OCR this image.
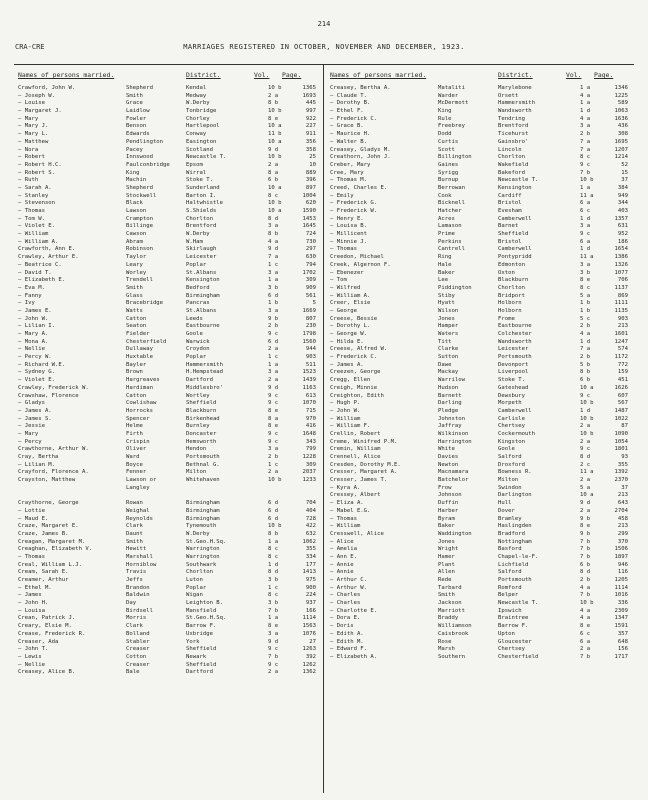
214
CRA-CRE	MARRIAGES REGISTERED IN OCTOBER, NOVEMBER AND DECEMBER, 1923.
Names of persons married.	District.	Vol.	Page.
Crawford, John W.	Shepherd	Kendal	10 b	1365
— Joseph W.	Smith	Medway	2 a	1693
— Louise	Grace	W.Derby	8 b	445
— Margaret J.	Laidlow	Tonbridge	10 b	997
— Mary	Fowler	Chorley	8 e	922
— Mary J.	Benson	Hartlepool	10 a	227
— Mary L.	Edwards	Conway	11 b	911
— Matthew	Pendlington	Easington	10 a	356
— Nora	Pacey	Scotland	9 d	358
— Robert	Innswood	Newcastle T.	10 b	25
— Robert H.C.	Faulconbridge	Epsom	2 a	10
— Robert S.	King	Wirral	8 a	889
— Ruth	Machin	Stoke T.	6 b	396
— Sarah A.	Shepherd	Sunderland	10 a	897
— Stanley	Stockwell	Barton I.	8 c	1004
— Stevenson	Black	Haltwhistle	10 b	620
— Thomas	Lawson	S.Shields	10 a	1590
— Tom W.	Crampton	Chorlton	8 d	1453
— Violet E.	Billinge	Brentford	3 a	1645
— William	Cawson	W.Derby	8 b	724
— William A.	Abram	W.Ham	4 a	730
Crawforth, Ann E.	Robinson	Skirlaugh	9 d	297
Crawley, Arthur E.	Taylor	Leicester	7 a	630
— Beatrice C.	Leary	Poplar	1 c	794
— David T.	Worley	St.Albans	3 a	1702
— Elizabeth E.	Trendell	Kensington	1 a	309
— Eva M.	Smith	Bedford	3 b	909
— Fanny	Glass	Birmingham	6 d	561
— Ivy	Bracebridge	Pancras	1 b	5
— James E.	Watts	St.Albans	3 a	1669
— John W.	Catton	Leeds	9 b	807
— Lilian I.	Seaton	Eastbourne	2 b	230
— Mary A.	Fielder	Goole	9 c	1798
— Mona A.	Chesterfield	Warwick	6 d	1560
— Nellie	Dullaway	Croydon	2 a	944
— Percy W.	Huxtable	Poplar	1 c	903
— Richard W.E.	Bayler	Hammersmith	1 a	511
— Sydney G.	Brown	H.Hempstead	3 a	1523
— Violet E.	Hargreaves	Dartford	2 a	1439
Crawley, Frederick W.	Hardiman	Middlesbro'	9 d	1163
Crawshaw, Florence	Catton	Wortley	9 c	613
— Gladys	Cowlishaw	Sheffield	9 c	1070
— James A.	Horrocks	Blackburn	8 e	715
— James S.	Spencer	Birkenhead	8 a	970
— Jessie	Helme	Burnley	8 e	416
— Mary	Firth	Doncaster	9 c	1648
— Percy	Crispin	Hemsworth	9 c	343
Crawthorne, Arthur W.	Oliver	Hendon	3 a	799
Cray, Bertha	Ward	Portsmouth	2 b	1228
— Lilian M.	Boyce	Bethnal G.	1 c	309
Crayford, Florence A.	Fenner	Milton	2 a	2037
Crayston, Matthew	Lawson or	Whitehaven	10 b	1233
Langley
Craythorne, George	Rowan	Birmingham	6 d	704
— Lottie	Weighal	Birmingham	6 d	404
— Maud E.	Reynolds	Birmingham	6 d	728
Craze, Margaret E.	Clark	Tynemouth	10 b	422
Craze, James B.	Daunt	W.Derby	8 b	632
Creagan, Margaret M.	Smith	St.Geo.H.Sq.	1 a	1062
Creaghan, Elizabeth V.	Hewitt	Warrington	8 c	355
— Thomas	Marshall	Warrington	8 c	334
Creal, William L.J.	Horniblow	Southwark	1 d	177
Cream, Sarah E.	Travis	Chorlton	8 d	1413
Creamer, Arthur	Jeffs	Luton	3 b	975
— Ethel M.	Brandon	Poplar	1 c	900
— James	Baldwin	Wigan	8 c	224
— John H.	Day	Leighton B.	3 b	937
— Louisa	Birdsell	Mansfield	7 b	166
Crean, Patrick J.	Morris	St.Geo.H.Sq.	1 a	1114
Creary, Elsie M.	Clark	Barrow F.	8 e	1563
Crease, Frederick R.	Bolland	Uxbridge	3 a	1076
Creaser, Ada	Stabler	York	9 d	27
— John T.	Creaser	Sheffield	9 c	1263
— Lewis	Cotton	Newark	7 b	392
— Nellie	Creaser	Sheffield	9 c	1262
Creasey, Alice B.	Bale	Dartford	2 a	1362
Names of persons married.	District.	Vol.	Page.
Creasey, Bertha A.	Mataliti	Marylebone	1 a	1346
— Claude T.	Warder	Orsett	4 a	1225
— Dorothy B.	McDermott	Hammersmith	1 a	589
— Ethel F.	King	Wandsworth	1 d	1063
— Frederick C.	Rule	Tendring	4 a	1636
— Grace B.	Freebrey	Brentford	3 a	436
— Maurice H.	Dodd	Ticehurst	2 b	308
— Walter B.	Curtis	Gainsbro'	7 a	1695
Creasey, Gladys M.	Scott	Lincoln	7 a	1207
Creathorn, John J.	Billington	Chorlton	8 c	1214
Creber, Mary	Gaines	Wakefield	9 c	52
Cree, Mary	Syrigg	Bakeford	7 b	15
— Thomas M.	Burnup	Newcastle T.	10 b	37
Creed, Charles E.	Berrowan	Kensington	1 a	384
— Emily	Cook	Cardiff	11 a	949
— Frederick G.	Bicknell	Bristol	6 a	344
— Frederick W.	Hatcher	Evesham	6 c	403
— Henry E.	Acres	Camberwell	1 d	1357
— Louisa B.	Lamason	Barnet	3 a	631
— Millicent	Prime	Sheffield	9 c	952
— Minnie J.	Perkins	Bristol	6 a	186
— Thomas	Cantrell	Camberwell	1 d	1654
Creedon, Michael	Ring	Pontypridd	11 a	1386
Creek, Algernon F.	Hale	Edmonton	3 a	1326
— Ebenezer	Baker	Oxton	3 b	1077
— Tom	Lee	Blackburn	8 e	706
— Wilfred	Piddington	Chorlton	8 c	1137
— William A.	Stiby	Bridport	5 a	869
Creer, Elsie	Hyatt	Holborn	1 b	1111
— George	Wilson	Holborn	1 b	1135
Creese, Bessie	Jones	Frome	5 c	903
— Dorothy L.	Hamper	Eastbourne	2 b	213
— George W.	Waters	Colchester	4 a	1601
— Hilda E.	Titt	Wandsworth	1 d	1247
Creese, Alfred W.	Clarke	Leicester	7 a	574
— Frederick C.	Sutton	Portsmouth	2 b	1172
— James A.	Dawe	Devonport	5 b	772
Creezen, George	Mackay	Liverpool	8 b	159
Cregg, Ellen	Warrilow	Stoke T.	6 b	451
Creigh, Minnie	Hudson	Gateshead	10 a	1626
Creighton, Edith	Barnett	Dewsbury	9 c	607
— Hugh P.	Darling	Morpeth	10 b	567
— John W.	Pledge	Camberwell	1 d	1487
— William	Johnston	Carlisle	10 b	1022
— William F.	Jaffray	Chertsey	2 a	87
Crellin, Robert	Wilkinson	Cockermouth	10 b	1090
Creme, Winifred P.M.	Harrington	Kingston	2 a	1054
Cremin, William	White	Goole	9 c	1801
Crennell, Alice	Davies	Salford	8 d	93
Cresden, Dorothy M.E.	Newton	Droxford	2 c	355
Cresser, Margaret A.	Macnamara	Bowness R.	11 a	1392
Cresser, James T.	Batchelor	Milton	2 a	2370
— Kyra A.	Frow	Swindon	5 a	37
Cressey, Albert	Johnson	Darlington	10 a	213
— Eliza A.	Duffin	Hull	9 d	643
— Mabel E.G.	Harber	Dover	2 a	2704
— Thomas	Byram	Bramley	9 b	458
— William	Baker	Haslingden	8 e	213
Cresswell, Alice	Waddington	Bradford	9 b	299
— Alice	Jones	Nottingham	7 b	370
— Amelia	Wright	Basford	7 b	1506
— Ann E.	Hamer	Chapel-le-F.	7 b	1897
— Annie	Plant	Lichfield	6 b	946
— Annie	Allen	Salford	8 d	116
— Arthur C.	Rede	Portsmouth	2 b	1205
— Arthur W.	Tarbard	Romford	4 a	1114
— Charles	Smith	Belper	7 b	1016
— Charles	Jackson	Newcastle T.	10 b	336
— Charlotte E.	Marriott	Ipswich	4 a	2309
— Dora E.	Braddy	Braintree	4 a	1347
— Doris	Williamson	Barrow F.	8 e	1591
— Edith A.	Caisbrook	Upton	6 c	357
— Edith M.	Rose	Gloucester	6 a	648
— Edward F.	Marsh	Chertsey	2 a	156
— Elizabeth A.	Southern	Chesterfield	7 b	1717
